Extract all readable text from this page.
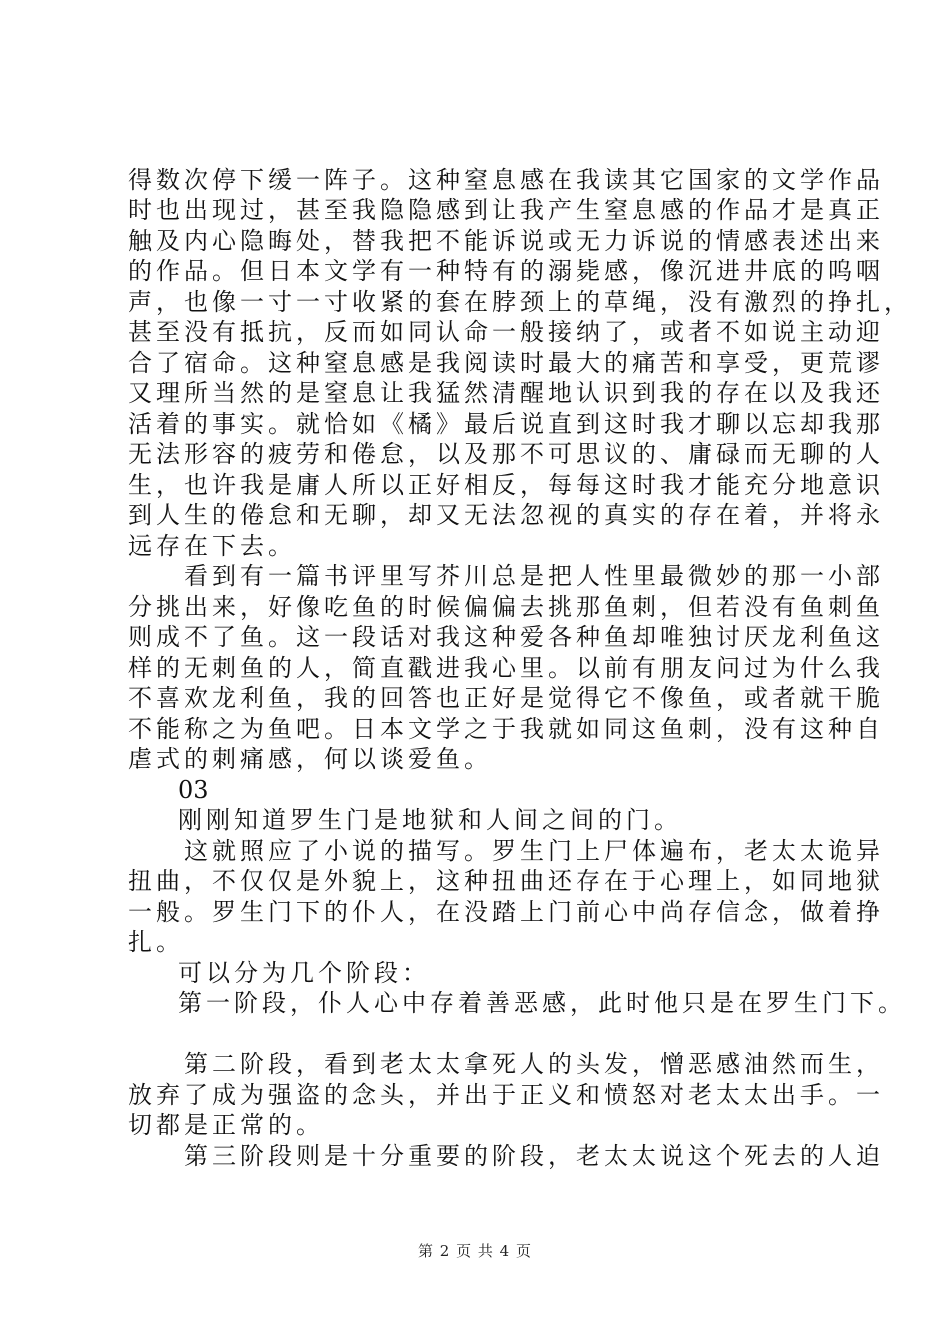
得数次停下缓一阵子。这种窒息感在我读其它国家的文学作品
时也出现过，甚至我隐隐感到让我产生窒息感的作品才是真正
触及内心隐晦处，替我把不能诉说或无力诉说的情感表述出来
的作品。但日本文学有一种特有的溺毙感，像沉进井底的呜咽
声，也像一寸一寸收紧的套在脖颈上的草绳，没有激烈的挣扎，
甚至没有抵抗，反而如同认命一般接纳了，或者不如说主动迎
合了宿命。这种窒息感是我阅读时最大的痛苦和享受，更荒谬
又理所当然的是窒息让我猛然清醒地认识到我的存在以及我还
活着的事实。就恰如《橘》最后说直到这时我才聊以忘却我那
无法形容的疲劳和倦怠，以及那不可思议的、庸碌而无聊的人
生，也许我是庸人所以正好相反，每每这时我才能充分地意识
到人生的倦怠和无聊，却又无法忽视的真实的存在着，并将永
远存在下去。
看到有一篇书评里写芥川总是把人性里最微妙的那一小部
分挑出来，好像吃鱼的时候偏偏去挑那鱼刺，但若没有鱼刺鱼
则成不了鱼。这一段话对我这种爱各种鱼却唯独讨厌龙利鱼这
样的无刺鱼的人，简直戳进我心里。以前有朋友问过为什么我
不喜欢龙利鱼，我的回答也正好是觉得它不像鱼，或者就干脆
不能称之为鱼吧。日本文学之于我就如同这鱼刺，没有这种自
虐式的刺痛感，何以谈爱鱼。
03
刚刚知道罗生门是地狱和人间之间的门。
这就照应了小说的描写。罗生门上尸体遍布，老太太诡异
扭曲，不仅仅是外貌上，这种扭曲还存在于心理上，如同地狱
一般。罗生门下的仆人，在没踏上门前心中尚存信念，做着挣
扎。
可以分为几个阶段：
第一阶段，仆人心中存着善恶感，此时他只是在罗生门下。
第二阶段，看到老太太拿死人的头发，憎恶感油然而生，
放弃了成为强盗的念头，并出于正义和愤怒对老太太出手。一
切都是正常的。
第三阶段则是十分重要的阶段，老太太说这个死去的人迫
第 2 页 共 4 页
